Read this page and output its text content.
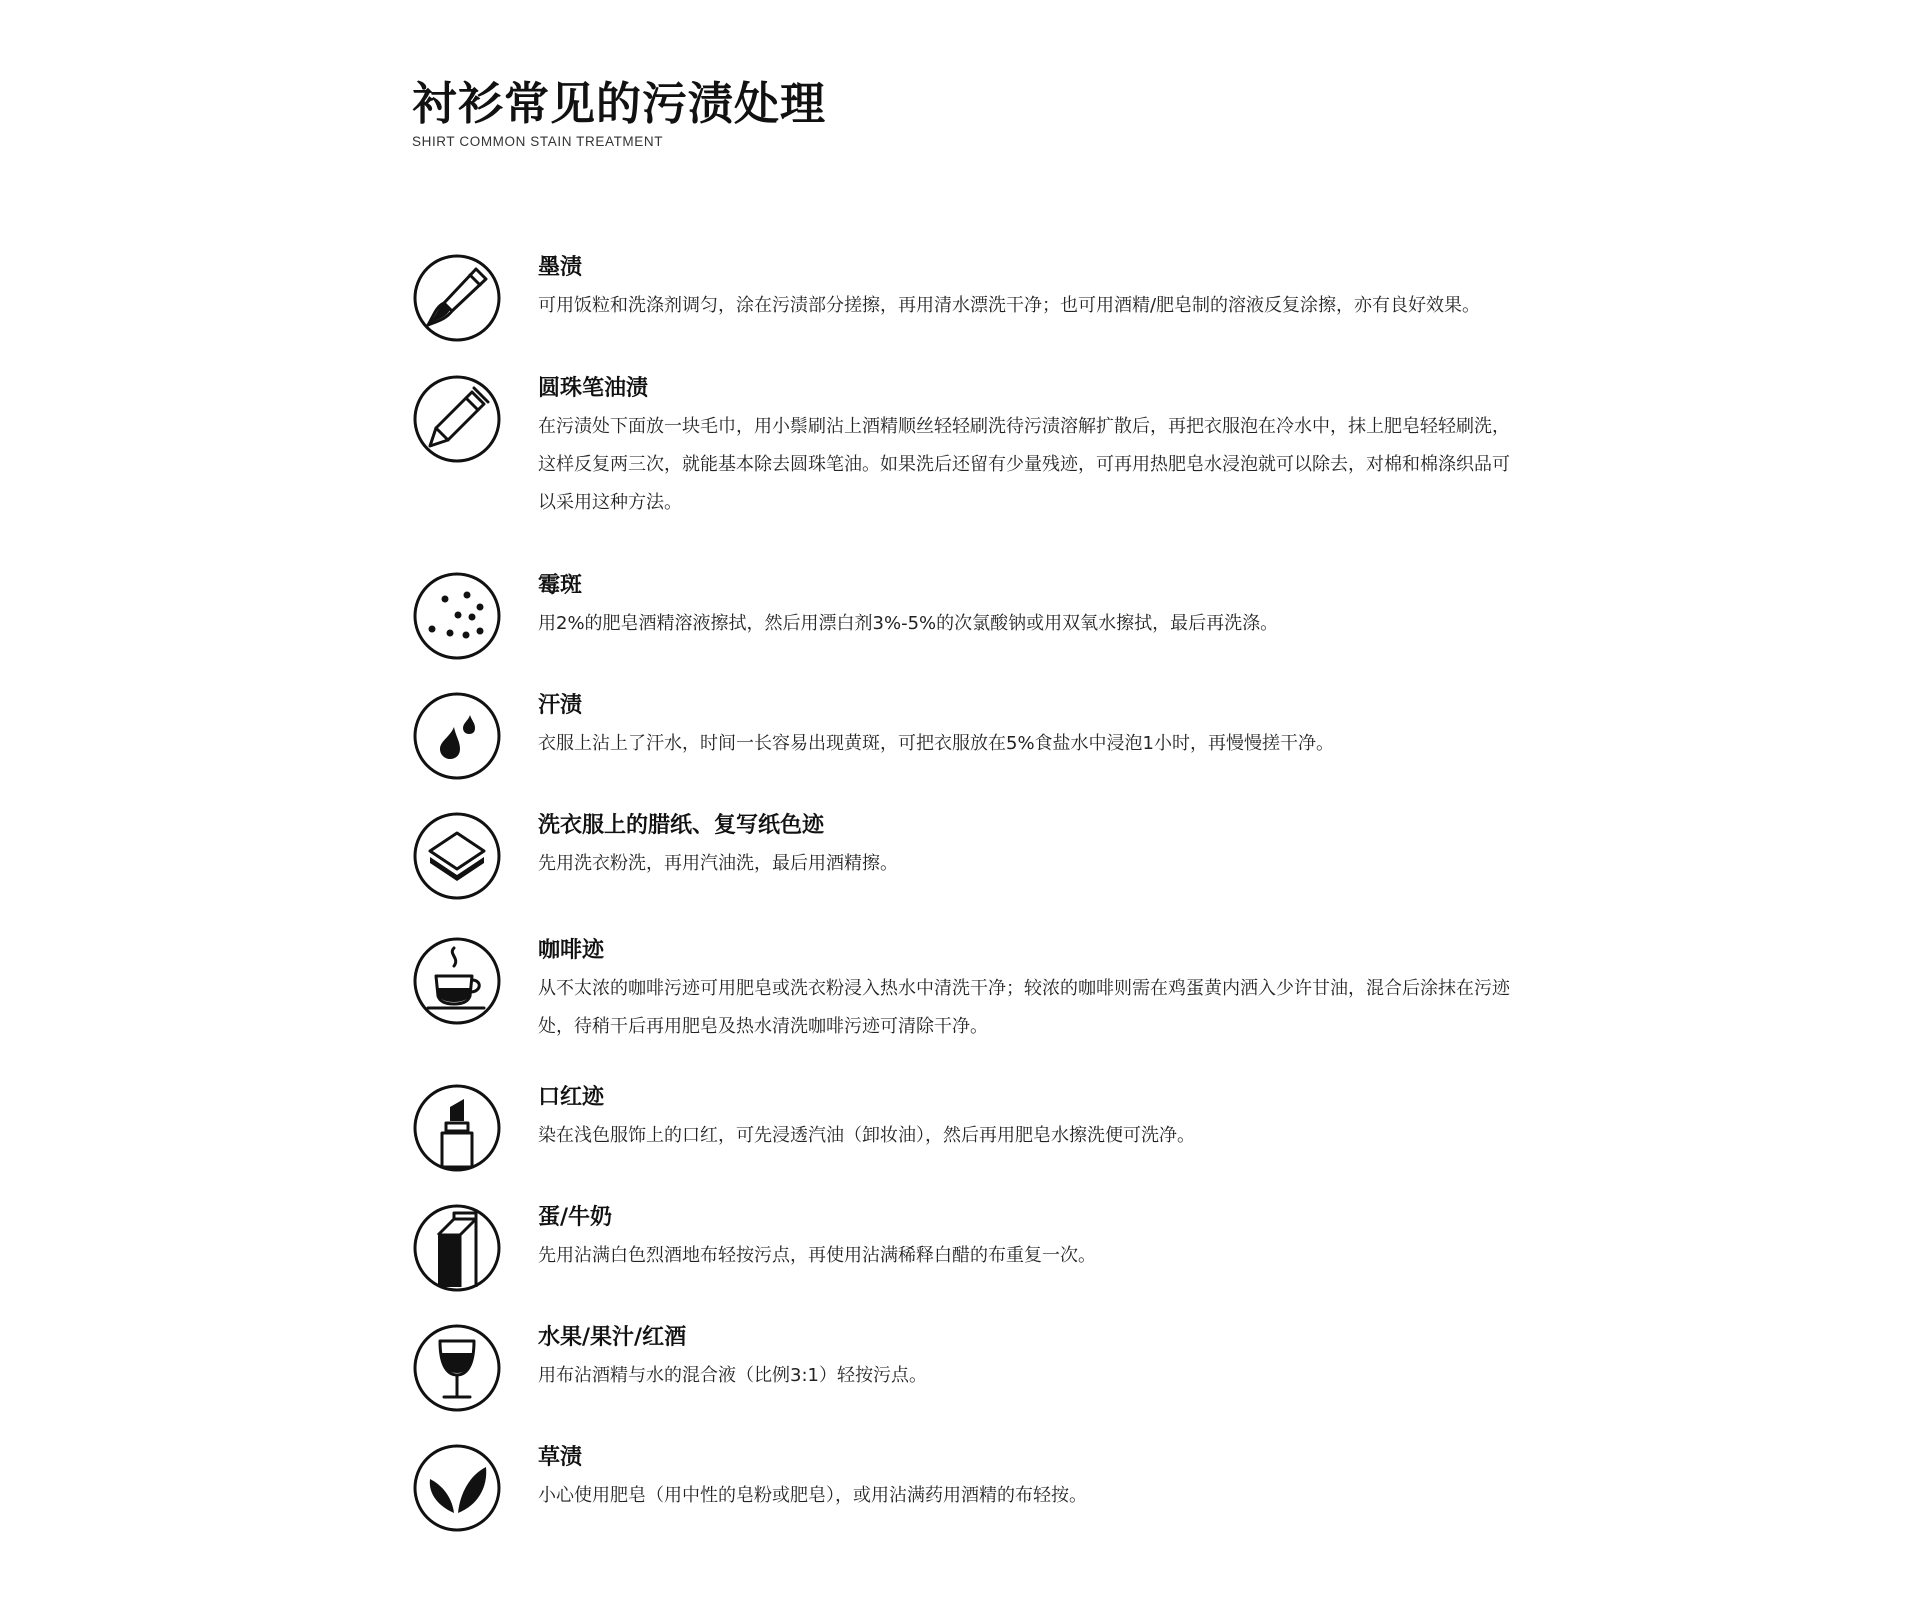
衬衫常见的污渍处理
SHIRT COMMON STAIN TREATMENT
墨渍

可用饭粒和洗涤剂调匀，涂在污渍部分搓擦，再用清水漂洗干净；也可用酒精/肥皂制的溶液反复涂擦，亦有良好效果。

圆珠笔油渍

在污渍处下面放一块毛巾，用小鬃刷沾上酒精顺丝轻轻刷洗待污渍溶解扩散后，再把衣服泡在冷水中，抹上肥皂轻轻刷洗，这样反复两三次，就能基本除去圆珠笔油。如果洗后还留有少量残迹，可再用热肥皂水浸泡就可以除去，对棉和棉涤织品可以采用这种方法。

霉斑

用2%的肥皂酒精溶液擦拭，然后用漂白剂3%-5%的次氯酸钠或用双氧水擦拭，最后再洗涤。

汗渍

衣服上沾上了汗水，时间一长容易出现黄斑，可把衣服放在5%食盐水中浸泡1小时，再慢慢搓干净。

洗衣服上的腊纸、复写纸色迹

先用洗衣粉洗，再用汽油洗，最后用酒精擦。

咖啡迹

从不太浓的咖啡污迹可用肥皂或洗衣粉浸入热水中清洗干净；较浓的咖啡则需在鸡蛋黄内洒入少许甘油，混合后涂抹在污迹处，待稍干后再用肥皂及热水清洗咖啡污迹可清除干净。

口红迹

染在浅色服饰上的口红，可先浸透汽油（卸妆油），然后再用肥皂水擦洗便可洗净。

蛋/牛奶

先用沾满白色烈酒地布轻按污点，再使用沾满稀释白醋的布重复一次。

水果/果汁/红酒

用布沾酒精与水的混合液（比例3:1）轻按污点。

草渍

小心使用肥皂（用中性的皂粉或肥皂），或用沾满药用酒精的布轻按。
